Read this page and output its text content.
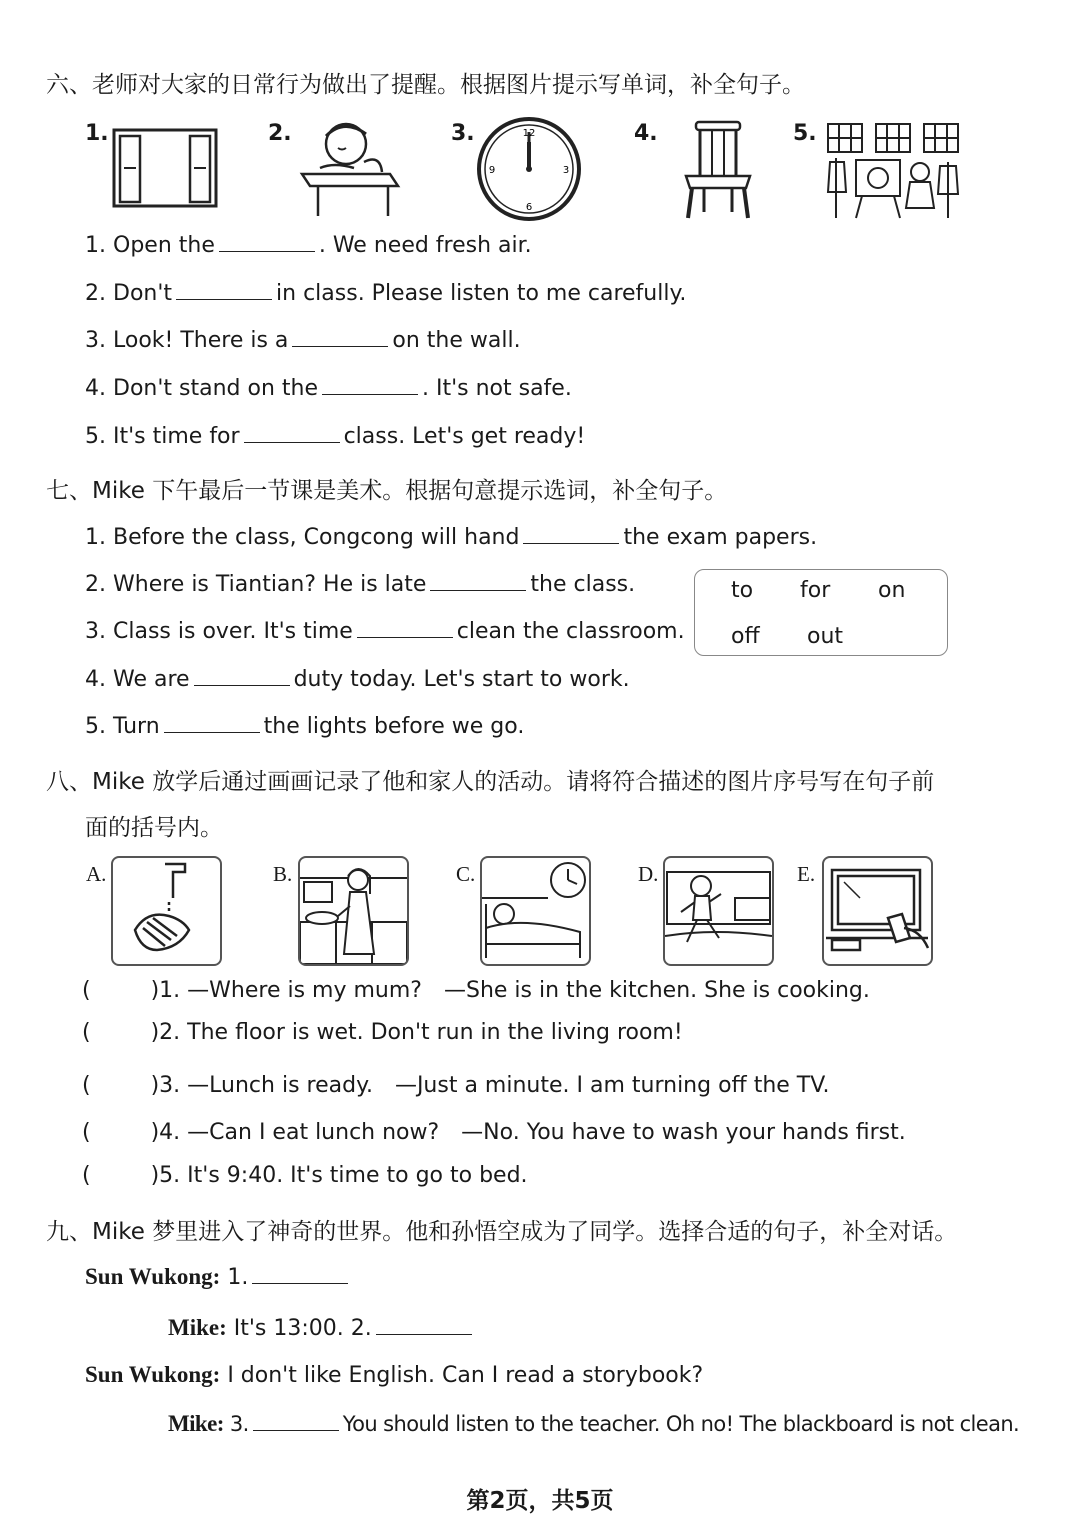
六、老师对大家的日常行为做出了提醒。根据图片提示写单词，补全句子。
1.	2.	3.	12
3
6
9
4.	5.
1. Open the	. We need fresh air.
2. Don't	in class. Please listen to me carefully.
3. Look! There is a	on the wall.
4. Don't stand on the	. It's not safe.
5. It's time for	class. Let's get ready!
七、Mike 下午最后一节课是美术。根据句意提示选词，补全句子。
1. Before the class, Congcong will hand	the exam papers.
2. Where is Tiantian? He is late	the class.
3. Class is over. It's time	clean the classroom.
4. We are	duty today. Let's start to work.
5. Turn	the lights before we go.
to for on
off out
八、Mike 放学后通过画画记录了他和家人的活动。请将符合描述的图片序号写在句子前
面的括号内。
A.	B.	C.	D.	E.
(	)1. —Where is my mum?　—She is in the kitchen. She is cooking.
(	)2. The floor is wet. Don't run in the living room!
(	)3. —Lunch is ready.　—Just a minute. I am turning off the TV.
(	)4. —Can I eat lunch now?　—No. You have to wash your hands first.
(	)5. It's 9:40. It's time to go to bed.
九、Mike 梦里进入了神奇的世界。他和孙悟空成为了同学。选择合适的句子，补全对话。
Sun Wukong: 1.
Mike: It's 13:00. 2.
Sun Wukong: I don't like English. Can I read a storybook?
Mike: 3.	You should listen to the teacher. Oh no! The blackboard is not clean.
第2页，共5页
